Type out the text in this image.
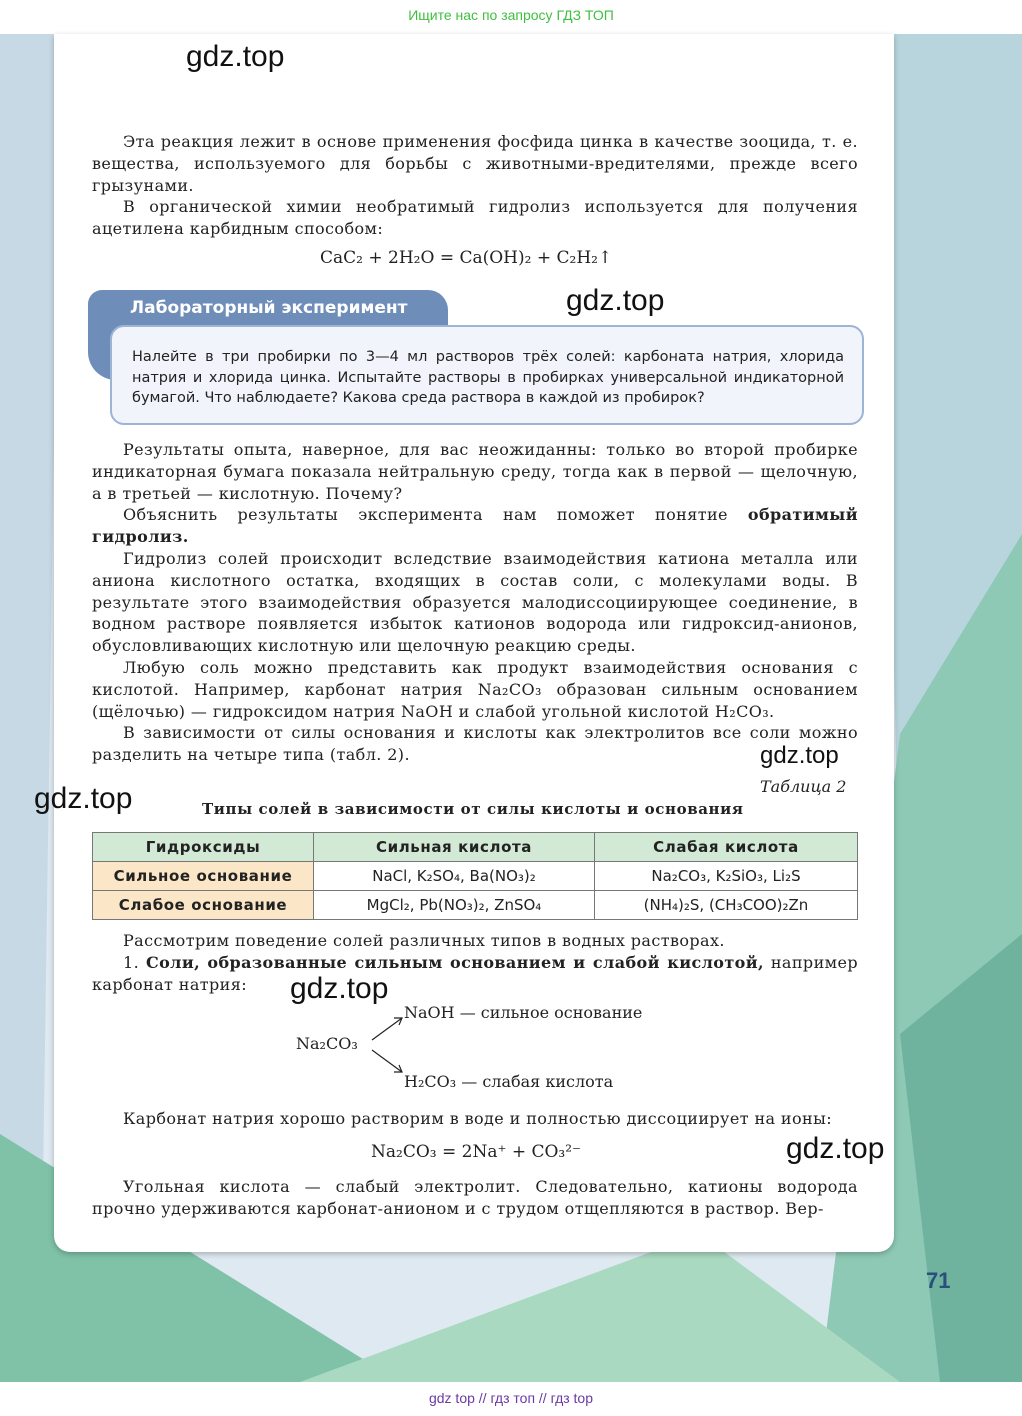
Ищите нас по запросу ГДЗ ТОП
gdz.top
gdz.top
gdz.top
gdz.top
gdz.top
gdz.top

Эта реакция лежит в основе применения фосфида цинка в качестве зооцида, т. е. вещества, используемого для борьбы с животными-вредителями, прежде всего грызунами.

В органической химии необратимый гидролиз используется для получения ацетилена карбидным способом:

CaC₂ + 2H₂O = Ca(OH)₂ + C₂H₂↑
Лабораторный эксперимент

Налейте в три пробирки по 3—4 мл растворов трёх солей: карбоната натрия, хлорида натрия и хлорида цинка. Испытайте растворы в пробирках универсальной индикаторной бумагой. Что наблюдаете? Какова среда раствора в каждой из пробирок?

Результаты опыта, наверное, для вас неожиданны: только во второй пробирке индикаторная бумага показала нейтральную среду, тогда как в первой — щелочную, а в третьей — кислотную. Почему?

Объяснить результаты эксперимента нам поможет понятие обратимый гидролиз.

Гидролиз солей происходит вследствие взаимодействия катиона металла или аниона кислотного остатка, входящих в состав соли, с молекулами воды. В результате этого взаимодействия образуется малодиссоциирующее соединение, в водном растворе появляется избыток катионов водорода или гидроксид-анионов, обусловливающих кислотную или щелочную реакцию среды.

Любую соль можно представить как продукт взаимодействия основания с кислотой. Например, карбонат натрия Na₂CO₃ образован сильным основанием (щёлочью) — гидроксидом натрия NaOH и слабой угольной кислотой H₂CO₃.

В зависимости от силы основания и кислоты как электролитов все соли можно разделить на четыре типа (табл. 2).

Таблица 2
Типы солей в зависимости от силы кислоты и основания
Гидроксиды	Сильная кислота	Слабая кислота
Сильное основание	NaCl, K₂SO₄, Ba(NO₃)₂	Na₂CO₃, K₂SiO₃, Li₂S
Слабое основание	MgCl₂, Pb(NO₃)₂, ZnSO₄	(NH₄)₂S, (CH₃COO)₂Zn

Рассмотрим поведение солей различных типов в водных растворах.

1. Соли, образованные сильным основанием и слабой кислотой, например карбонат натрия:

Na₂CO₃
NaOH — сильное основание
H₂CO₃ — слабая кислота

Карбонат натрия хорошо растворим в воде и полностью диссоциирует на ионы:

Na₂CO₃ = 2Na⁺ + CO₃²⁻

Угольная кислота — слабый электролит. Следовательно, катионы водорода прочно удерживаются карбонат-анионом и с трудом отщепляются в раствор. Вер-

71
gdz top // гдз топ // гдз top
